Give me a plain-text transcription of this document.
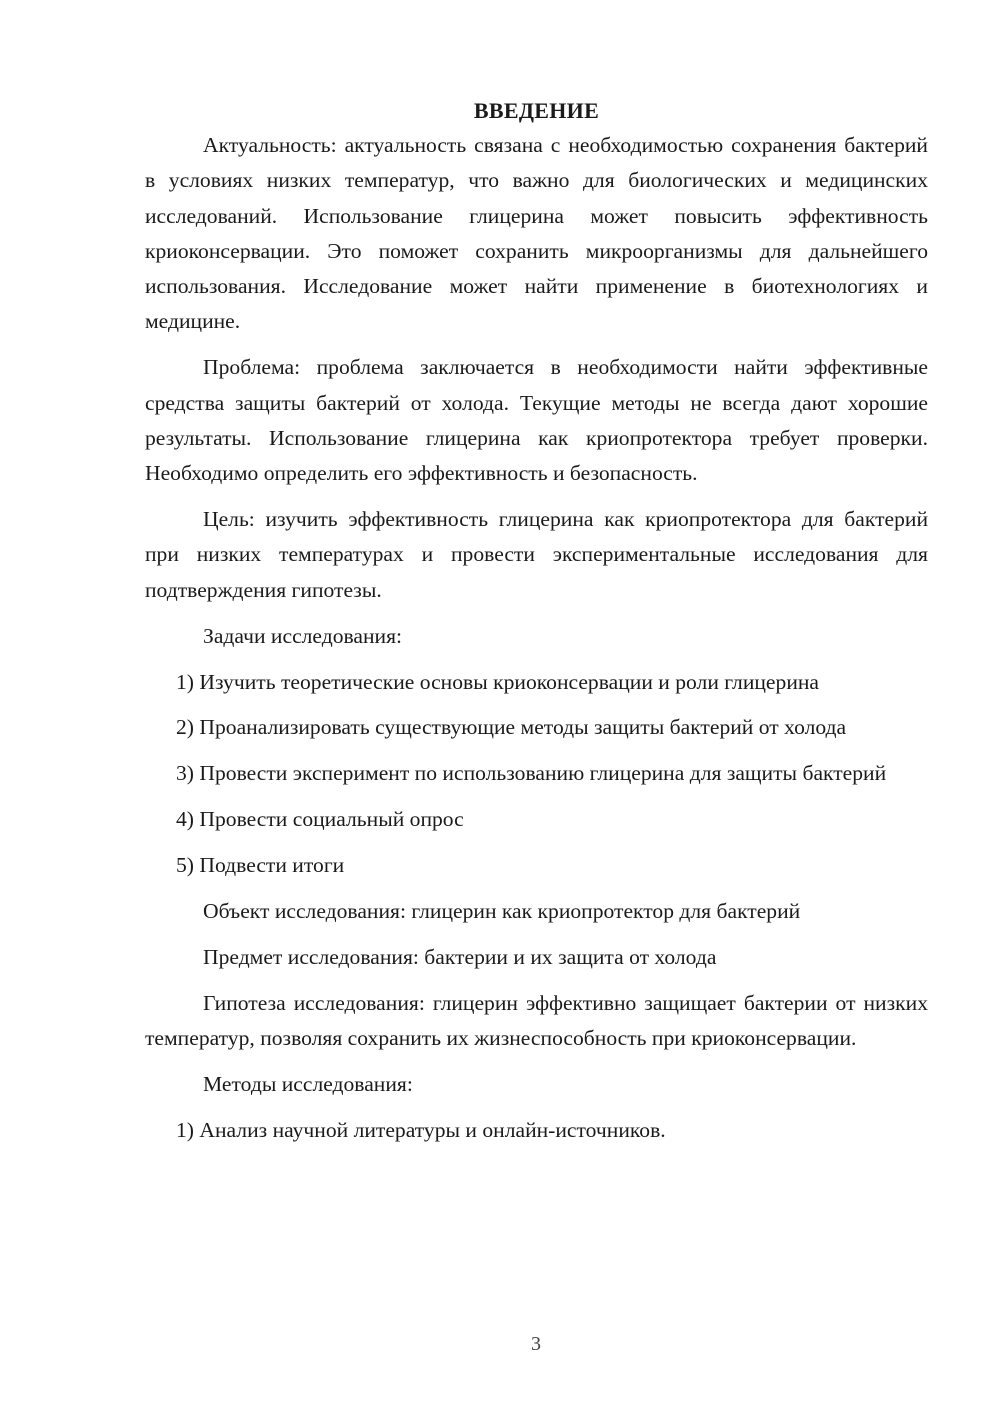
ВВЕДЕНИЕ

Актуальность: актуальность связана с необходимостью сохранения бактерий в условиях низких температур, что важно для биологических и медицинских исследований. Использование глицерина может повысить эффективность криоконсервации. Это поможет сохранить микроорганизмы для дальнейшего использования. Исследование может найти применение в биотехнологиях и медицине.

Проблема: проблема заключается в необходимости найти эффективные средства защиты бактерий от холода. Текущие методы не всегда дают хорошие результаты. Использование глицерина как криопротектора требует проверки. Необходимо определить его эффективность и безопасность.

Цель: изучить эффективность глицерина как криопротектора для бактерий при низких температурах и провести экспериментальные исследования для подтверждения гипотезы.

Задачи исследования:

1) Изучить теоретические основы криоконсервации и роли глицерина

2) Проанализировать существующие методы защиты бактерий от холода

3) Провести эксперимент по использованию глицерина для защиты бактерий

4) Провести социальный опрос

5) Подвести итоги

Объект исследования: глицерин как криопротектор для бактерий

Предмет исследования: бактерии и их защита от холода

Гипотеза исследования: глицерин эффективно защищает бактерии от низких температур, позволяя сохранить их жизнеспособность при криоконсервации.

Методы исследования:

1) Анализ научной литературы и онлайн-источников.

3
